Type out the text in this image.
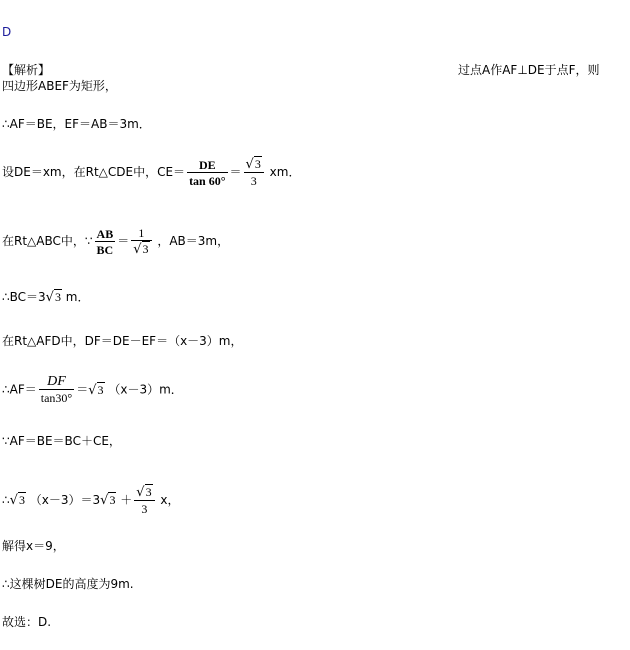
D
【解析】	过点A作AF⊥DE于点F，则
四边形ABEF为矩形，
∴AF＝BE，EF＝AB＝3m．
设DE＝xm，在Rt△CDE中，$CE= \frac{DE}{\tan 60^\circ} = \frac{√3}{3}$ xm．
在Rt△ABC中，∵ $\frac{AB}{BC} = \frac{1}{√3}$ ，AB＝3m，
∴BC＝3√3 m．
在Rt△AFD中，DF＝DE－EF＝（x－3）m，
∴AF＝ $\frac{DF}{\tan 30^\circ} =√3$ （x－3）m．
∵AF＝BE＝BC＋CE，
∴√3 $(x-3)=3√3 + \frac{√3}{3}$ x，
解得x＝9，
∴这棵树DE的高度为9m.
故选：D.
